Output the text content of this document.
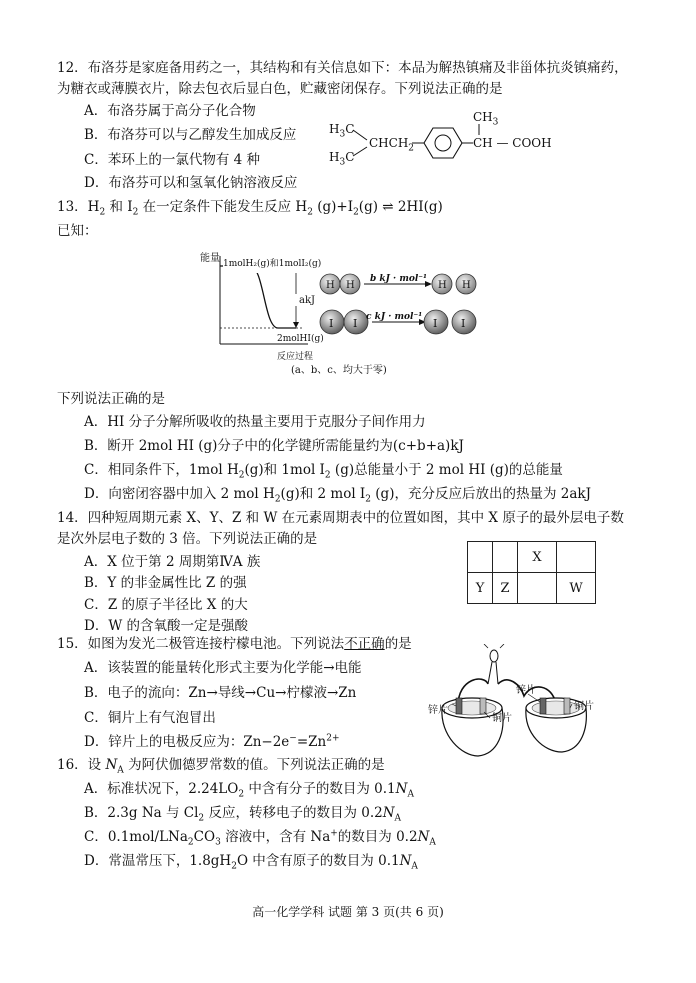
12．布洛芬是家庭备用药之一，其结构和有关信息如下：本品为解热镇痛及非甾体抗炎镇痛药，
为糖衣或薄膜衣片，除去包衣后显白色，贮藏密闭保存。下列说法正确的是
A．布洛芬属于高分子化合物
B．布洛芬可以与乙醇发生加成反应
C．苯环上的一氯代物有 4 种
D．布洛芬可以和氢氧化钠溶液反应
$H_3C$
$H_3C$
$CHCH_2$
$CH_3$
CH — COOH
13．$H_2$ 和 $I_2$ 在一定条件下能发生反应 $H_2$ $(g)+I_2(g)$ ⇌ 2HI(g)
已知：
能量 1molH₂(g)和1molI₂(g)
2molHI(g)
akJ
反应过程
(a、b、c、均大于零)
H H	H H
I I	I I
b kJ · mol⁻¹
c kJ · mol⁻¹
下列说法正确的是
A．HI 分子分解所吸收的热量主要用于克服分子间作用力
B．断开 2mol HI (g)分子中的化学键所需能量约为(c+b+a)kJ
C．相同条件下，1mol $H_2(g)$和 1mol $I_2$ (g)总能量小于 2 mol HI (g)的总能量
D．向密闭容器中加入 2 mol $H_2(g)$和 2 mol $I_2$ (g)，充分反应后放出的热量为 2akJ
14．四种短周期元素 X、Y、Z 和 W 在元素周期表中的位置如图，其中 X 原子的最外层电子数
是次外层电子数的 3 倍。下列说法正确的是
A．X 位于第 2 周期第ⅣA 族
B．Y 的非金属性比 Z 的强
C．Z 的原子半径比 X 的大
D．W 的含氧酸一定是强酸
		X	
Y	Z		W
15．如图为发光二极管连接柠檬电池。下列说法不正确的是
A．该装置的能量转化形式主要为化学能→电能
B．电子的流向：Zn→导线→Cu→柠檬液→Zn
C．铜片上有气泡冒出
D．锌片上的电极反应为：$Zn-2e^-=Zn^{2+}$
锌片
铜片
锌片
铜片
16．设 $N_A$ 为阿伏伽德罗常数的值。下列说法正确的是
A．标准状况下，$2.24LO_2$ 中含有分子的数目为 $0.1N_A$
B．2.3g Na 与 $Cl_2$ 反应，转移电子的数目为 $0.2N_A$
C．$0.1mol/LNa_2CO_3$ 溶液中，含有 Na+的数目为 $0.2N_A$
D．常温常压下，$1.8gH_2O$ 中含有原子的数目为 $0.1N_A$
高一化学学科 试题 第 3 页(共 6 页)
